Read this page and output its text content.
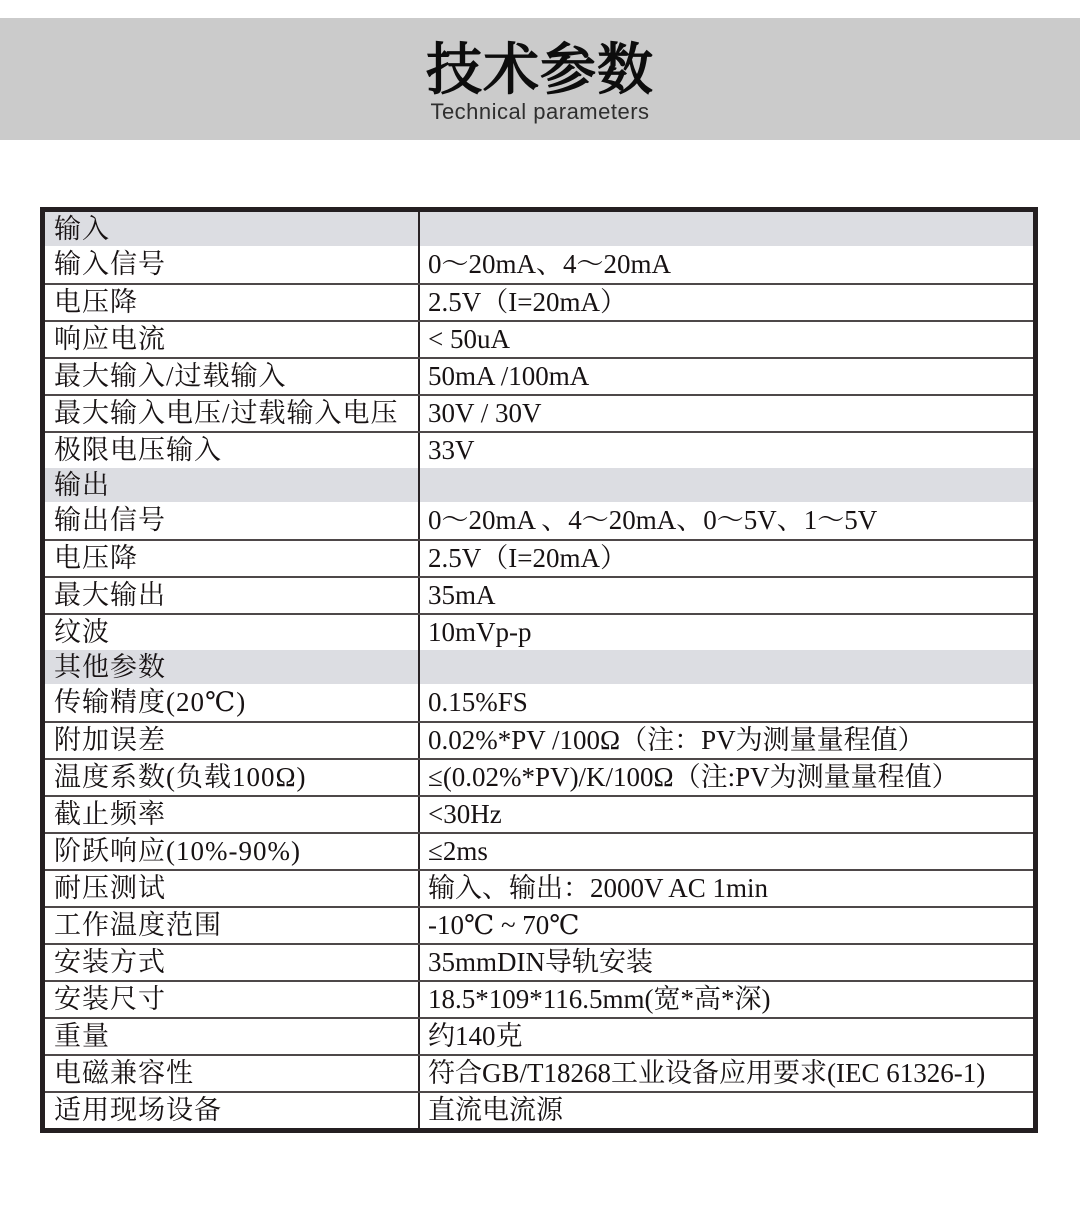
技术参数
Technical parameters
输入
输入信号	0～20mA、4～20mA
电压降	2.5V（I=20mA）
响应电流	< 50uA
最大输入/过载输入	50mA /100mA
最大输入电压/过载输入电压	30V / 30V
极限电压输入	33V
输出
输出信号	0～20mA 、4～20mA、0～5V、1～5V
电压降	2.5V（I=20mA）
最大输出	35mA
纹波	10mVp-p
其他参数
传输精度(20℃)	0.15%FS
附加误差	0.02%*PV /100Ω（注：PV为测量量程值）
温度系数(负载100Ω)	≤(0.02%*PV)/K/100Ω（注:PV为测量量程值）
截止频率	<30Hz
阶跃响应(10%-90%)	≤2ms
耐压测试	输入、输出：2000V AC 1min
工作温度范围	-10℃ ~ 70℃
安装方式	35mmDIN导轨安装
安装尺寸	18.5*109*116.5mm(宽*高*深)
重量	约140克
电磁兼容性	符合GB/T18268工业设备应用要求(IEC 61326-1)
适用现场设备	直流电流源
